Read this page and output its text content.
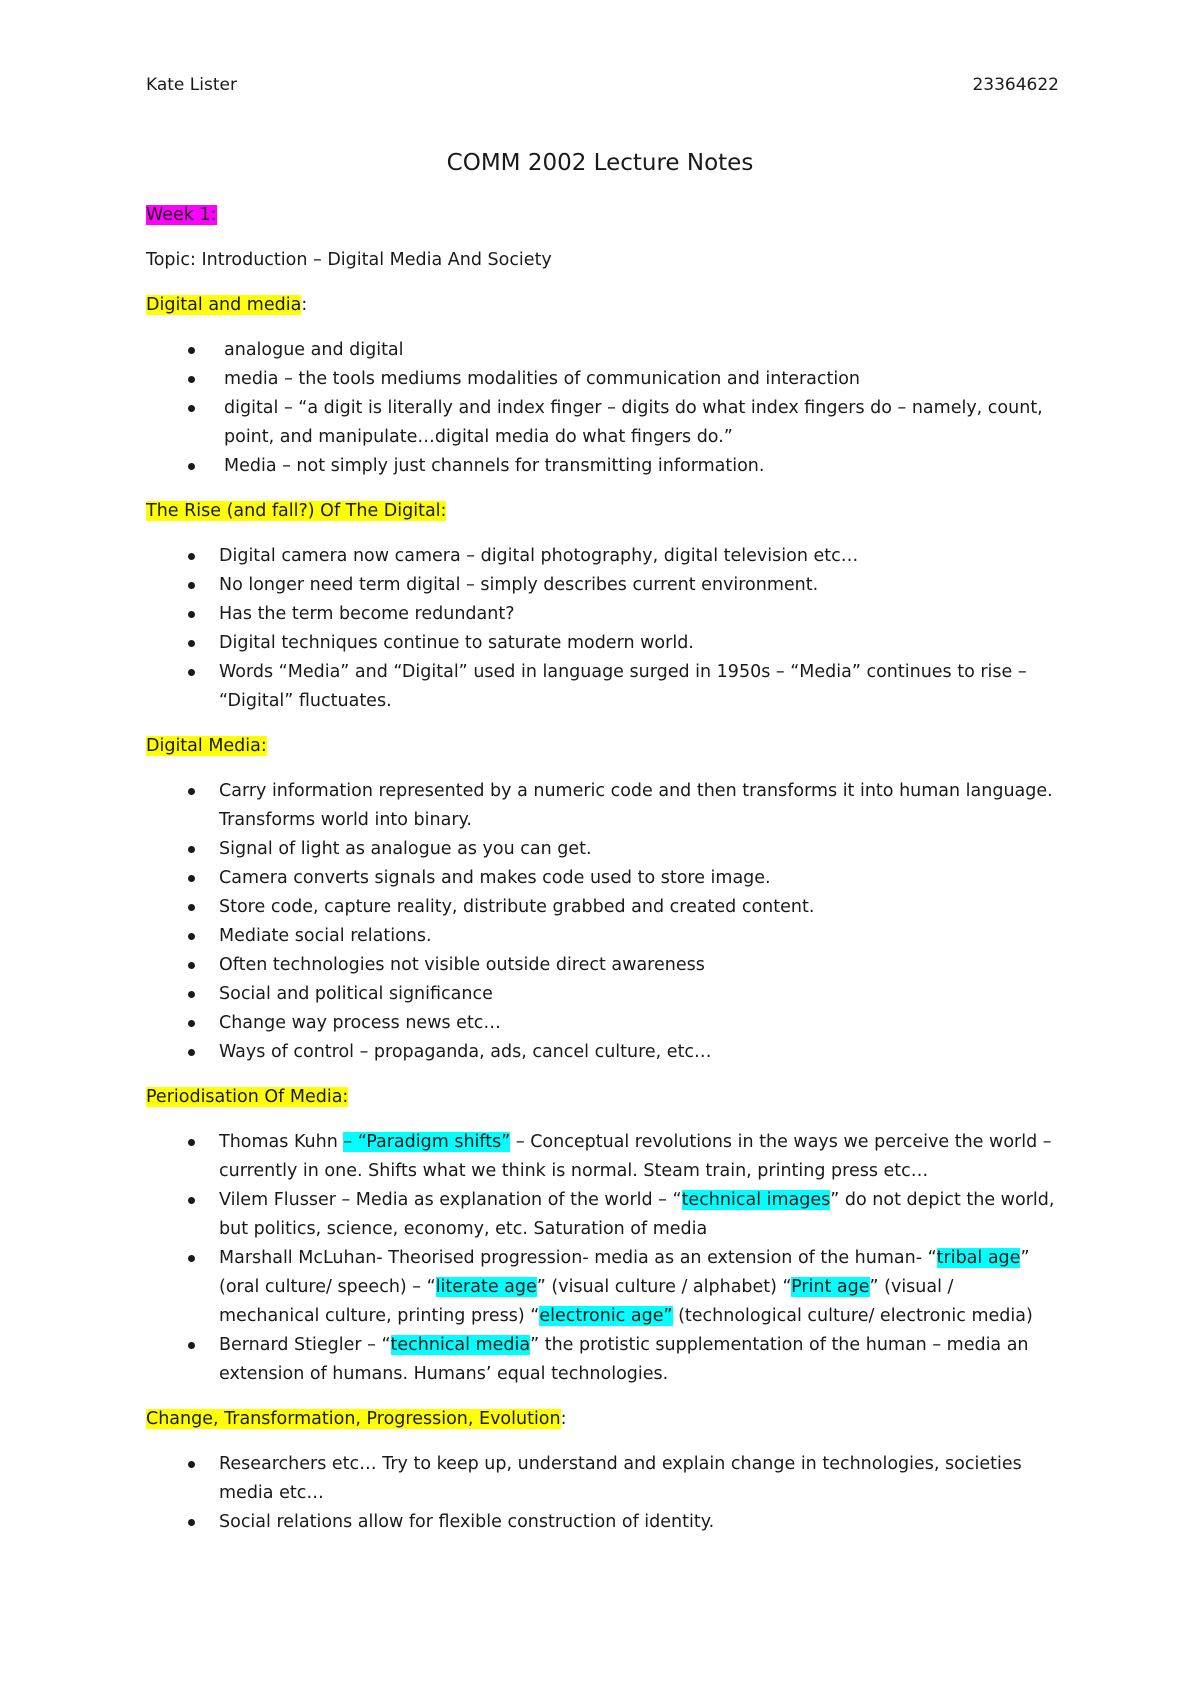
Kate Lister	23364622
COMM 2002 Lecture Notes

Week 1:

Topic: Introduction – Digital Media And Society

Digital and media:

analogue and digital
media – the tools mediums modalities of communication and interaction
digital – “a digit is literally and index finger – digits do what index fingers do – namely, count, point, and manipulate…digital media do what fingers do.”
Media – not simply just channels for transmitting information.

The Rise (and fall?) Of The Digital:

Digital camera now camera – digital photography, digital television etc…
No longer need term digital – simply describes current environment.
Has the term become redundant?
Digital techniques continue to saturate modern world.
Words “Media” and “Digital” used in language surged in 1950s – “Media” continues to rise – “Digital” fluctuates.

Digital Media:

Carry information represented by a numeric code and then transforms it into human language. Transforms world into binary.
Signal of light as analogue as you can get.
Camera converts signals and makes code used to store image.
Store code, capture reality, distribute grabbed and created content.
Mediate social relations.
Often technologies not visible outside direct awareness
Social and political significance
Change way process news etc…
Ways of control – propaganda, ads, cancel culture, etc…

Periodisation Of Media:

Thomas Kuhn – “Paradigm shifts” – Conceptual revolutions in the ways we perceive the world – currently in one. Shifts what we think is normal. Steam train, printing press etc…
Vilem Flusser – Media as explanation of the world – “technical images” do not depict the world, but politics, science, economy, etc. Saturation of media
Marshall McLuhan- Theorised progression- media as an extension of the human- “tribal age” (oral culture/ speech) – “literate age” (visual culture / alphabet) “Print age” (visual / mechanical culture, printing press) “electronic age” (technological culture/ electronic media)
Bernard Stiegler – “technical media” the protistic supplementation of the human – media an extension of humans. Humans’ equal technologies.

Change, Transformation, Progression, Evolution:

Researchers etc… Try to keep up, understand and explain change in technologies, societies media etc…
Social relations allow for flexible construction of identity.
